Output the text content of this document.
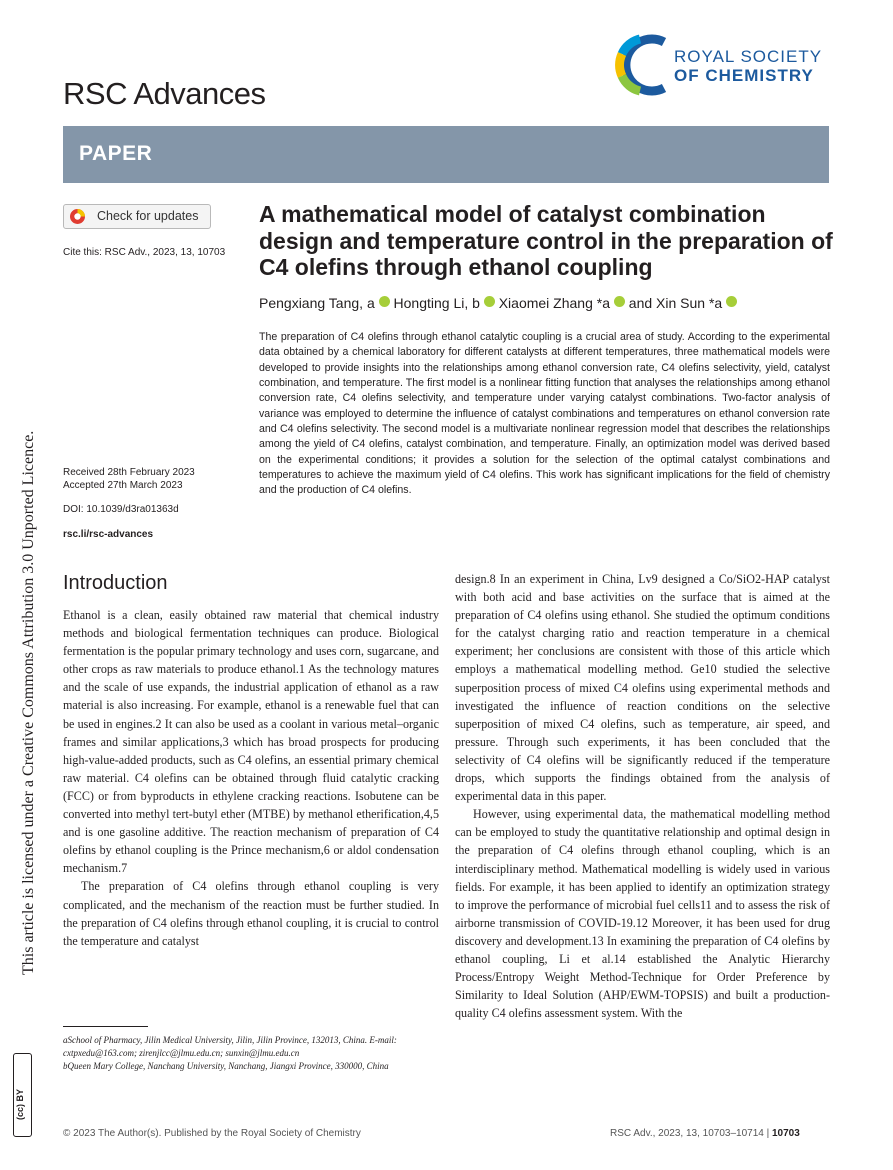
RSC Advances
ROYAL SOCIETY
OF CHEMISTRY
PAPER
Check for updates
Cite this: RSC Adv., 2023, 13, 10703
A mathematical model of catalyst combination design and temperature control in the preparation of C4 olefins through ethanol coupling
Pengxiang Tang, a Hongting Li, b Xiaomei Zhang *a and Xin Sun *a
The preparation of C4 olefins through ethanol catalytic coupling is a crucial area of study. According to the experimental data obtained by a chemical laboratory for different catalysts at different temperatures, three mathematical models were developed to provide insights into the relationships among ethanol conversion rate, C4 olefins selectivity, yield, catalyst combination, and temperature. The first model is a nonlinear fitting function that analyses the relationships among ethanol conversion rate, C4 olefins selectivity, and temperature under varying catalyst combinations. Two-factor analysis of variance was employed to determine the influence of catalyst combinations and temperatures on ethanol conversion rate and C4 olefins selectivity. The second model is a multivariate nonlinear regression model that describes the relationships among the yield of C4 olefins, catalyst combination, and temperature. Finally, an optimization model was derived based on the experimental conditions; it provides a solution for the selection of the optimal catalyst combinations and temperatures to achieve the maximum yield of C4 olefins. This work has significant implications for the field of chemistry and the production of C4 olefins.
Received 28th February 2023
Accepted 27th March 2023
DOI: 10.1039/d3ra01363d
rsc.li/rsc-advances
Introduction

Ethanol is a clean, easily obtained raw material that chemical industry methods and biological fermentation techniques can produce. Biological fermentation is the popular primary technology and uses corn, sugarcane, and other crops as raw materials to produce ethanol.1 As the technology matures and the scale of use expands, the industrial application of ethanol as a raw material is also increasing. For example, ethanol is a renewable fuel that can be used in engines.2 It can also be used as a coolant in various metal–organic frames and similar applications,3 which has broad prospects for producing high-value-added products, such as C4 olefins, an essential primary chemical raw material. C4 olefins can be obtained through fluid catalytic cracking (FCC) or from byproducts in ethylene cracking reactions. Isobutene can be converted into methyl tert-butyl ether (MTBE) by methanol etherification,4,5 and is one gasoline additive. The reaction mechanism of preparation of C4 olefins by ethanol coupling is the Prince mechanism,6 or aldol condensation mechanism.7

The preparation of C4 olefins through ethanol coupling is very complicated, and the mechanism of the reaction must be further studied. In the preparation of C4 olefins through ethanol coupling, it is crucial to control the temperature and catalyst

design.8 In an experiment in China, Lv9 designed a Co/SiO2-HAP catalyst with both acid and base activities on the surface that is aimed at the preparation of C4 olefins using ethanol. She studied the optimum conditions for the catalyst charging ratio and reaction temperature in a chemical experiment; her conclusions are consistent with those of this article which employs a mathematical modelling method. Ge10 studied the selective superposition process of mixed C4 olefins using experimental methods and investigated the influence of reaction conditions on the selective superposition of mixed C4 olefins, such as temperature, air speed, and pressure. Through such experiments, it has been concluded that the selectivity of C4 olefins will be significantly reduced if the temperature drops, which supports the findings obtained from the analysis of experimental data in this paper.

However, using experimental data, the mathematical modelling method can be employed to study the quantitative relationship and optimal design in the preparation of C4 olefins through ethanol coupling, which is an interdisciplinary method. Mathematical modelling is widely used in various fields. For example, it has been applied to identify an optimization strategy to improve the performance of microbial fuel cells11 and to assess the risk of airborne transmission of COVID-19.12 Moreover, it has been used for drug discovery and development.13 In examining the preparation of C4 olefins by ethanol coupling, Li et al.14 established the Analytic Hierarchy Process/Entropy Weight Method-Technique for Order Preference by Similarity to Ideal Solution (AHP/EWM-TOPSIS) and built a production-quality C4 olefins assessment system. With the

aSchool of Pharmacy, Jilin Medical University, Jilin, Jilin Province, 132013, China. E-mail: cxtpxedu@163.com; zirenjlcc@jlmu.edu.cn; sunxin@jlmu.edu.cn
bQueen Mary College, Nanchang University, Nanchang, Jiangxi Province, 330000, China
© 2023 The Author(s). Published by the Royal Society of Chemistry	RSC Adv., 2023, 13, 10703–10714 | 10703
This article is licensed under a Creative Commons Attribution 3.0 Unported Licence.
(cc) BY
